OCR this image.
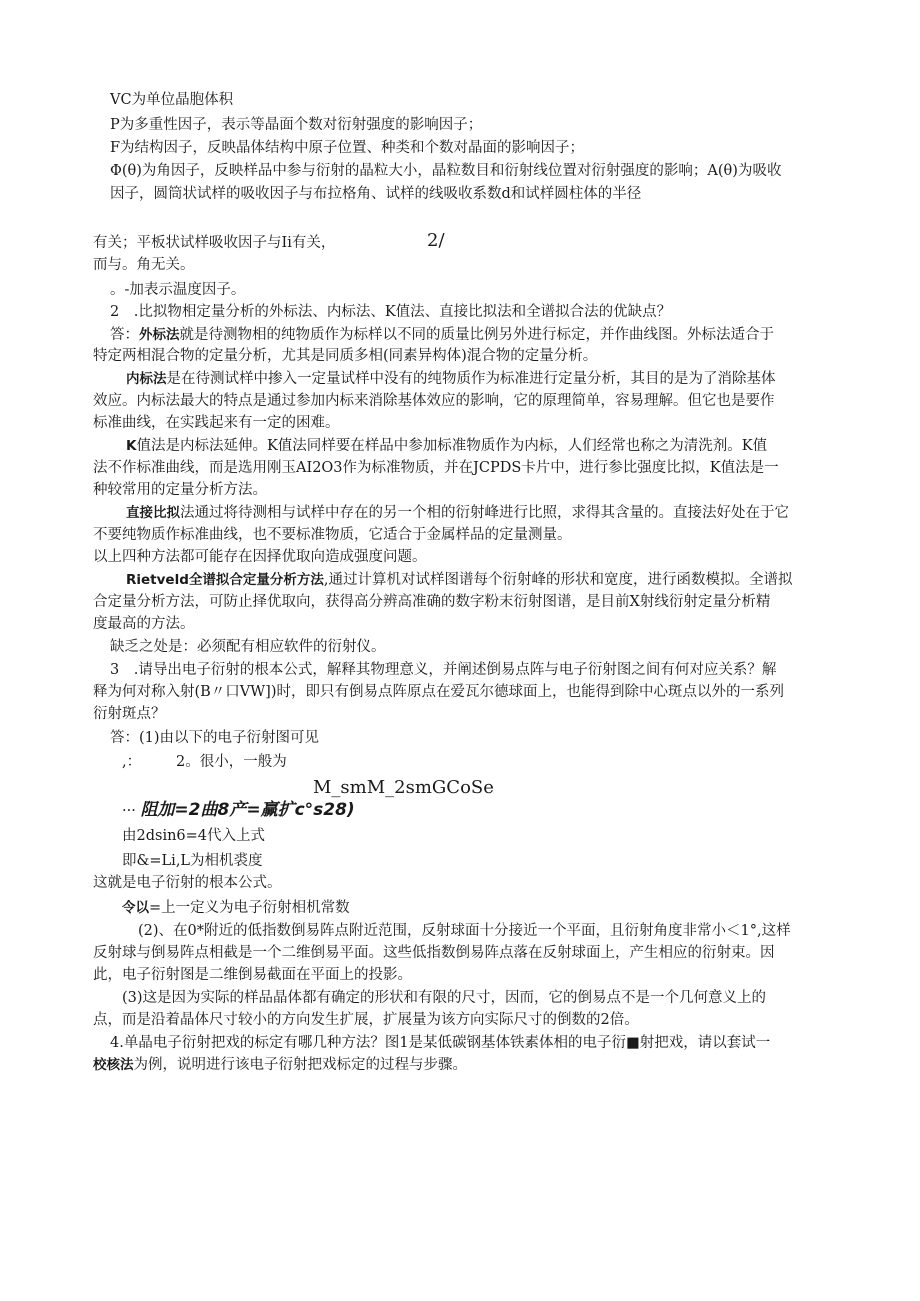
VC为单位晶胞体积
P为多重性因子，表示等晶面个数对衍射强度的影响因子；
F为结构因子，反映晶体结构中原子位置、种类和个数对晶面的影响因子；
Φ(θ)为角因子，反映样品中参与衍射的晶粒大小，晶粒数目和衍射线位置对衍射强度的影响；A(θ)为吸收
因子，圆筒状试样的吸收因子与布拉格角、试样的线吸收系数d和试样圆柱体的半径
有关；平板状试样吸收因子与Ii有关，	2/
而与。角无关。
。-加表示温度因子。
2　.比拟物相定量分析的外标法、内标法、K值法、直接比拟法和全谱拟合法的优缺点？
答：外标法就是待测物相的纯物质作为标样以不同的质量比例另外进行标定，并作曲线图。外标法适合于
特定两相混合物的定量分析，尤其是同质多相(同素异构体)混合物的定量分析。
内标法是在待测试样中掺入一定量试样中没有的纯物质作为标准进行定量分析，其目的是为了消除基体
效应。内标法最大的特点是通过参加内标来消除基体效应的影响，它的原理简单，容易理解。但它也是要作
标准曲线，在实践起来有一定的困难。
K值法是内标法延伸。K值法同样要在样品中参加标准物质作为内标，人们经常也称之为清洗剂。K值
法不作标准曲线，而是选用刚玉AI2O3作为标准物质，并在JCPDS卡片中，进行参比强度比拟，K值法是一
种较常用的定量分析方法。
直接比拟法通过将待测相与试样中存在的另一个相的衍射峰进行比照，求得其含量的。直接法好处在于它
不要纯物质作标准曲线，也不要标准物质，它适合于金属样品的定量测量。
以上四种方法都可能存在因择优取向造成强度问题。
Rietveld全谱拟合定量分析方法,通过计算机对试样图谱每个衍射峰的形状和宽度，进行函数模拟。全谱拟
合定量分析方法，可防止择优取向，获得高分辨高准确的数字粉末衍射图谱，是目前X射线衍射定量分析精
度最高的方法。
缺乏之处是：必须配有相应软件的衍射仪。
3　.请导出电子衍射的根本公式，解释其物理意义，并阐述倒易点阵与电子衍射图之间有何对应关系？解
释为何对称入射(B〃口VW])时，即只有倒易点阵原点在爱瓦尔德球面上，也能得到除中心斑点以外的一系列
衍射斑点？
答：(1)由以下的电子衍射图可见
,： 2。很小，一般为
M_smM_2smGCoSe
··· 阻加=2曲8产=赢扩c°s28)
由2dsin6=4代入上式
即&=Li,L为相机裘度
这就是电子衍射的根本公式。
令以=上一定义为电子衍射相机常数
(2)、在0*附近的低指数倒易阵点附近范围，反射球面十分接近一个平面，且衍射角度非常小＜1°,这样
反射球与倒易阵点相截是一个二维倒易平面。这些低指数倒易阵点落在反射球面上，产生相应的衍射束。因
此，电子衍射图是二维倒易截面在平面上的投影。
(3)这是因为实际的样品晶体都有确定的形状和有限的尺寸，因而，它的倒易点不是一个几何意义上的
点，而是沿着晶体尺寸较小的方向发生扩展，扩展量为该方向实际尺寸的倒数的2倍。
4.单晶电子衍射把戏的标定有哪几种方法？图1是某低碳钢基体铁素体相的电子衍■射把戏，请以套试一
校核法为例，说明进行该电子衍射把戏标定的过程与步骤。
